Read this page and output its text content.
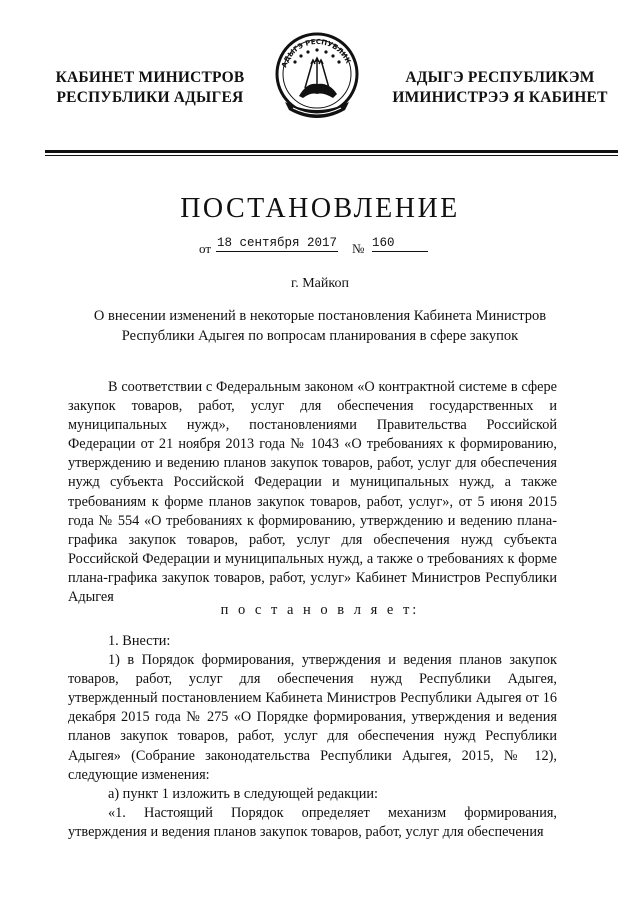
КАБИНЕТ МИНИСТРОВ
РЕСПУБЛИКИ АДЫГЕЯ
АДЫГЭ РЕСПУБЛИК
АДЫГЭ РЕСПУБЛИКЭМ
ИМИНИСТРЭЭ Я КАБИНЕТ
ПОСТАНОВЛЕНИЕ
от 18 сентября 2017 № 160
г. Майкоп
О внесении изменений в некоторые постановления Кабинета Министров
Республики Адыгея по вопросам планирования в сфере закупок

В соответствии с Федеральным законом «О контрактной системе в сфере закупок товаров, работ, услуг для обеспечения государственных и муниципальных нужд», постановлениями Правительства Российской Федерации от 21 ноября 2013 года № 1043 «О требованиях к формированию, утверждению и ведению планов закупок товаров, работ, услуг для обеспечения нужд субъекта Российской Федерации и муниципальных нужд, а также требованиям к форме планов закупок товаров, работ, услуг», от 5 июня 2015 года № 554 «О требованиях к формированию, утверждению и ведению плана-графика закупок товаров, работ, услуг для обеспечения нужд субъекта Российской Федерации и муниципальных нужд, а также о требованиях к форме плана-графика закупок товаров, работ, услуг» Кабинет Министров Республики Адыгея

п о с т а н о в л я е т:

1. Внести:

1) в Порядок формирования, утверждения и ведения планов закупок товаров, работ, услуг для обеспечения нужд Республики Адыгея, утвержденный постановлением Кабинета Министров Республики Адыгея от 16 декабря 2015 года № 275 «О Порядке формирования, утверждения и ведения планов закупок товаров, работ, услуг для обеспечения нужд Республики Адыгея» (Собрание законодательства Республики Адыгея, 2015, № 12), следующие изменения:

а) пункт 1 изложить в следующей редакции:

«1. Настоящий Порядок определяет механизм формирования, утверждения и ведения планов закупок товаров, работ, услуг для обеспечения
